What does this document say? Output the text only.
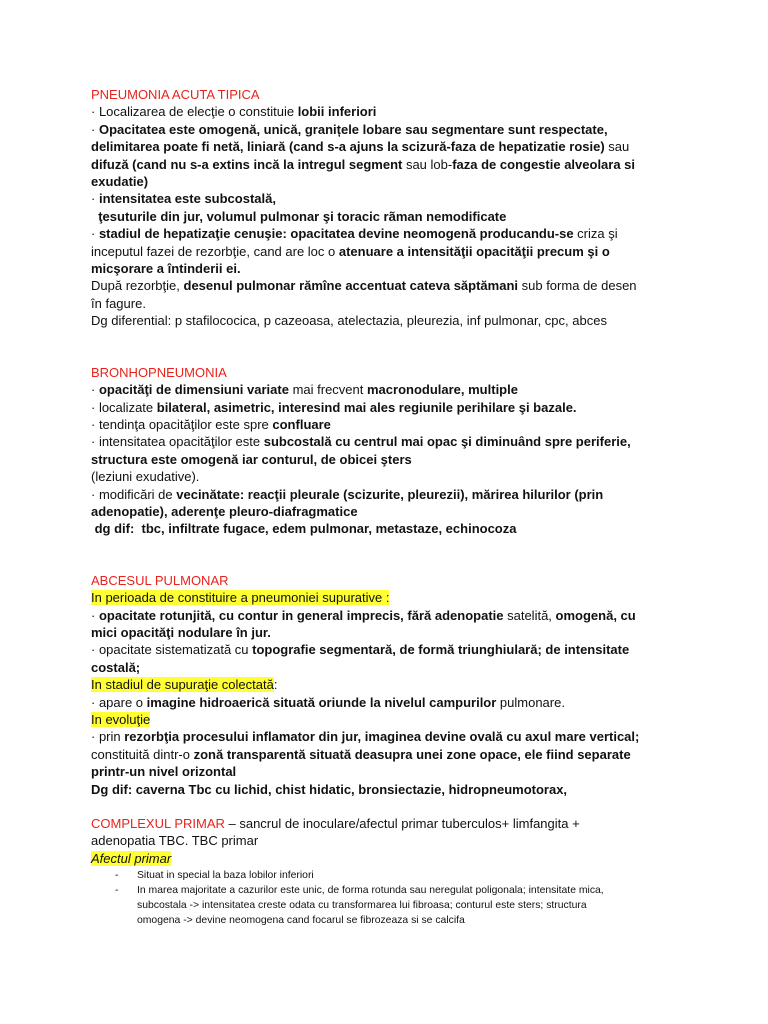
PNEUMONIA ACUTA TIPICA
· Localizarea de elecţie o constituie lobii inferiori
· Opacitatea este omogenă, unică, granițele lobare sau segmentare sunt respectate,
delimitarea poate fi netă, liniară (cand s-a ajuns la scizură-faza de hepatizatie rosie) sau
difuză (cand nu s-a extins incă la intregul segment sau lob-faza de congestie alveolara si
exudatie)
· intensitatea este subcostală,
ţesuturile din jur, volumul pulmonar şi toracic rãman nemodificate
· stadiul de hepatizaţie cenuşie: opacitatea devine neomogenă producandu-se criza şi
inceputul fazei de rezorbţie, cand are loc o atenuare a intensităţii opacităţii precum şi o
micşorare a întinderii ei.
După rezorbţie, desenul pulmonar rămîne accentuat cateva săptămani sub forma de desen
în fagure.
Dg diferential: p stafilococica, p cazeoasa, atelectazia, pleurezia, inf pulmonar, cpc, abces
BRONHOPNEUMONIA
· opacităţi de dimensiuni variate mai frecvent macronodulare, multiple
· localizate bilateral, asimetric, interesind mai ales regiunile perihilare şi bazale.
· tendinţa opacităţilor este spre confluare
· intensitatea opacităţilor este subcostală cu centrul mai opac şi diminuând spre periferie,
structura este omogenă iar conturul, de obicei şters
(leziuni exudative).
· modificări de vecinătate: reacţii pleurale (scizurite, pleurezii), mărirea hilurilor (prin
adenopatie), aderenţe pleuro-diafragmatice
dg dif:  tbc, infiltrate fugace, edem pulmonar, metastaze, echinocoza
ABCESUL PULMONAR
In perioada de constituire a pneumoniei supurative :
· opacitate rotunjită, cu contur in general imprecis, fără adenopatie satelită, omogenă, cu
mici opacităţi nodulare în jur.
· opacitate sistematizată cu topografie segmentară, de formă triunghiulară; de intensitate
costală;
In stadiul de supuraţie colectată:
· apare o imagine hidroaerică situată oriunde la nivelul campurilor pulmonare.
In evoluţie
· prin rezorbţia procesului inflamator din jur, imaginea devine ovală cu axul mare vertical;
constituită dintr-o zonă transparentă situată deasupra unei zone opace, ele fiind separate
printr-un nivel orizontal
Dg dif: caverna Tbc cu lichid, chist hidatic, bronsiectazie, hidropneumotorax,
COMPLEXUL PRIMAR – sancrul de inoculare/afectul primar tuberculos+ limfangita +
adenopatia TBC. TBC primar
Afectul primar
- Situat in special la baza lobilor inferiori
- In marea majoritate a cazurilor este unic, de forma rotunda sau neregulat poligonala; intensitate mica,
subcostala -> intensitatea creste odata cu transformarea lui fibroasa; conturul este sters; structura
omogena -> devine neomogena cand focarul se fibrozeaza si se calcifa
